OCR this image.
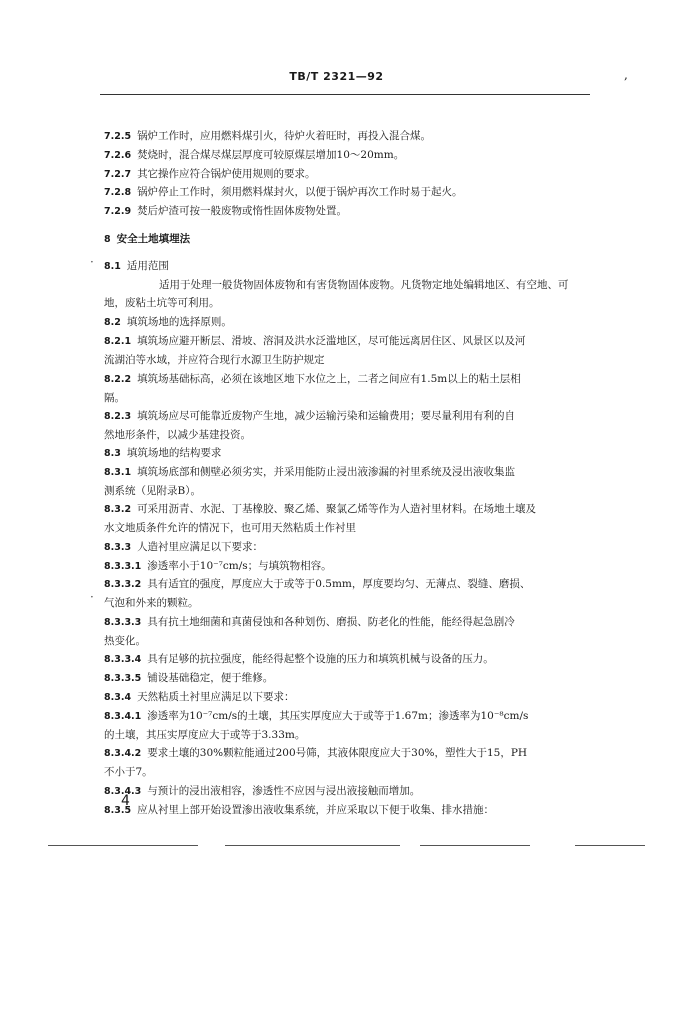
TB/T 2321—92	,
7.2.5 锅炉工作时，应用燃料煤引火，待炉火着旺时，再投入混合煤。
7.2.6 焚烧时，混合煤尽煤层厚度可较原煤层增加10～20mm。
7.2.7 其它操作应符合锅炉使用规则的要求。
7.2.8 锅炉停止工作时，须用燃料煤封火，以便于锅炉再次工作时易于起火。
7.2.9 焚后炉渣可按一般废物或惰性固体废物处置。
8 安全土地填埋法
8.1 适用范围
适用于处理一般货物固体废物和有害货物固体废物。凡货物定地处编辑地区、有空地、可
地，废粘土坑等可利用。
8.2 填筑场地的选择原则。
8.2.1 填筑场应避开断层、滑坡、溶洞及洪水泛滥地区，尽可能远离居住区、风景区以及河
流湖泊等水域，并应符合现行水源卫生防护规定
8.2.2 填筑场基础标高，必须在该地区地下水位之上，二者之间应有1.5m以上的粘土层相
隔。
8.2.3 填筑场应尽可能靠近废物产生地，减少运输污染和运输费用；要尽量利用有利的自
然地形条件，以减少基建投资。
8.3 填筑场地的结构要求
8.3.1 填筑场底部和侧壁必须劣实，并采用能防止浸出液渗漏的衬里系统及浸出液收集监
测系统（见附录B）。
8.3.2 可采用沥青、水泥、丁基橡胶、聚乙烯、聚氯乙烯等作为人造衬里材料。在场地土壤及
水文地质条件允许的情况下，也可用天然粘质土作衬里
8.3.3 人造衬里应满足以下要求：
8.3.3.1 渗透率小于10⁻⁷cm/s；与填筑物相容。
8.3.3.2 具有适宜的强度，厚度应大于或等于0.5mm，厚度要均匀、无薄点、裂缝、磨损、
气泡和外来的颗粒。
8.3.3.3 具有抗土地细菌和真菌侵蚀和各种划伤、磨损、防老化的性能，能经得起急剧冷
热变化。
8.3.3.4 具有足够的抗拉强度，能经得起整个设施的压力和填筑机械与设备的压力。
8.3.3.5 铺设基础稳定，便于维修。
8.3.4 天然粘质土衬里应满足以下要求：
8.3.4.1 渗透率为10⁻⁷cm/s的土壤，其压实厚度应大于或等于1.67m；渗透率为10⁻⁸cm/s
的土壤，其压实厚度应大于或等于3.33m。
8.3.4.2 要求土壤的30%颗粒能通过200号筛，其液体限度应大于30%，塑性大于15，PH
不小于7。
8.3.4.3 与预计的浸出液相容，渗透性不应因与浸出液接触而增加。
8.3.5 应从衬里上部开始设置渗出液收集系统，并应采取以下便于收集、排水措施：
·
·
4
